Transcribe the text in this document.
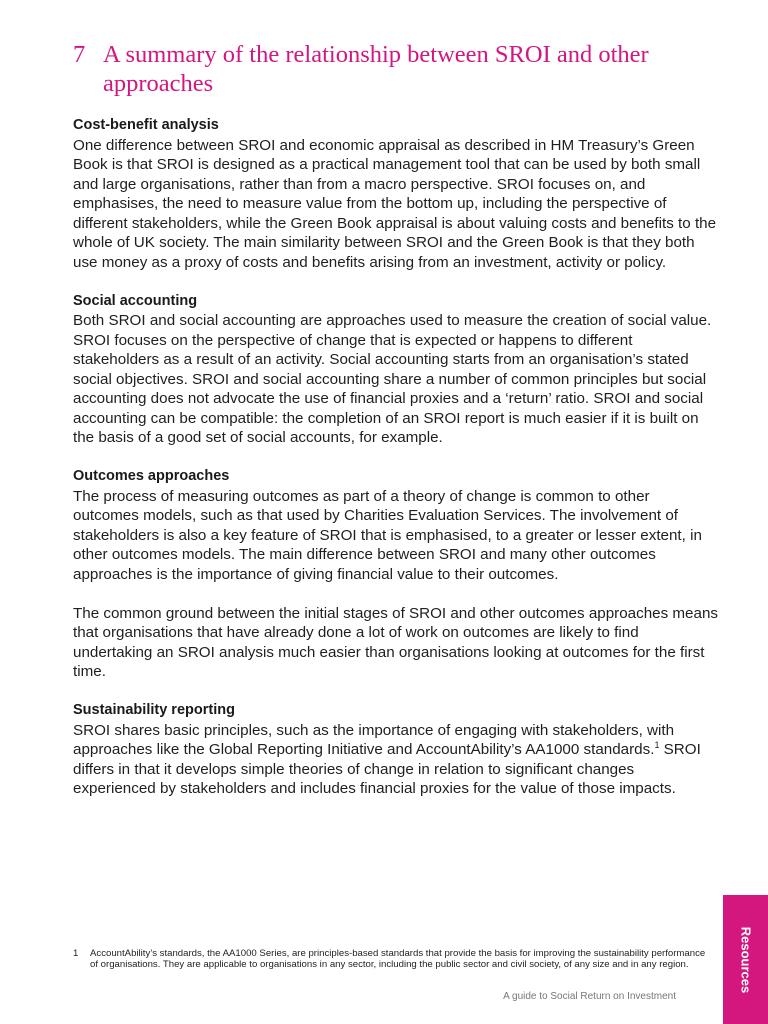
7 A summary of the relationship between SROI and other approaches
Cost-benefit analysis

One difference between SROI and economic appraisal as described in HM Treasury’s Green Book is that SROI is designed as a practical management tool that can be used by both small and large organisations, rather than from a macro perspective. SROI focuses on, and emphasises, the need to measure value from the bottom up, including the perspective of different stakeholders, while the Green Book appraisal is about valuing costs and benefits to the whole of UK society. The main similarity between SROI and the Green Book is that they both use money as a proxy of costs and benefits arising from an investment, activity or policy.

Social accounting

Both SROI and social accounting are approaches used to measure the creation of social value. SROI focuses on the perspective of change that is expected or happens to different stakeholders as a result of an activity. Social accounting starts from an organisation’s stated social objectives. SROI and social accounting share a number of common principles but social accounting does not advocate the use of financial proxies and a ‘return’ ratio. SROI and social accounting can be compatible: the completion of an SROI report is much easier if it is built on the basis of a good set of social accounts, for example.

Outcomes approaches

The process of measuring outcomes as part of a theory of change is common to other outcomes models, such as that used by Charities Evaluation Services. The involvement of stakeholders is also a key feature of SROI that is emphasised, to a greater or lesser extent, in other outcomes models. The main difference between SROI and many other outcomes approaches is the importance of giving financial value to their outcomes.

The common ground between the initial stages of SROI and other outcomes approaches means that organisations that have already done a lot of work on outcomes are likely to find undertaking an SROI analysis much easier than organisations looking at outcomes for the first time.

Sustainability reporting

SROI shares basic principles, such as the importance of engaging with stakeholders, with approaches like the Global Reporting Initiative and AccountAbility’s AA1000 standards.$^1$ SROI differs in that it develops simple theories of change in relation to significant changes experienced by stakeholders and includes financial proxies for the value of those impacts.

1	AccountAbility’s standards, the AA1000 Series, are principles-based standards that provide the basis for improving the sustainability performance of organisations. They are applicable to organisations in any sector, including the public sector and civil society, of any size and in any region.
A guide to Social Return on Investment
Resources
